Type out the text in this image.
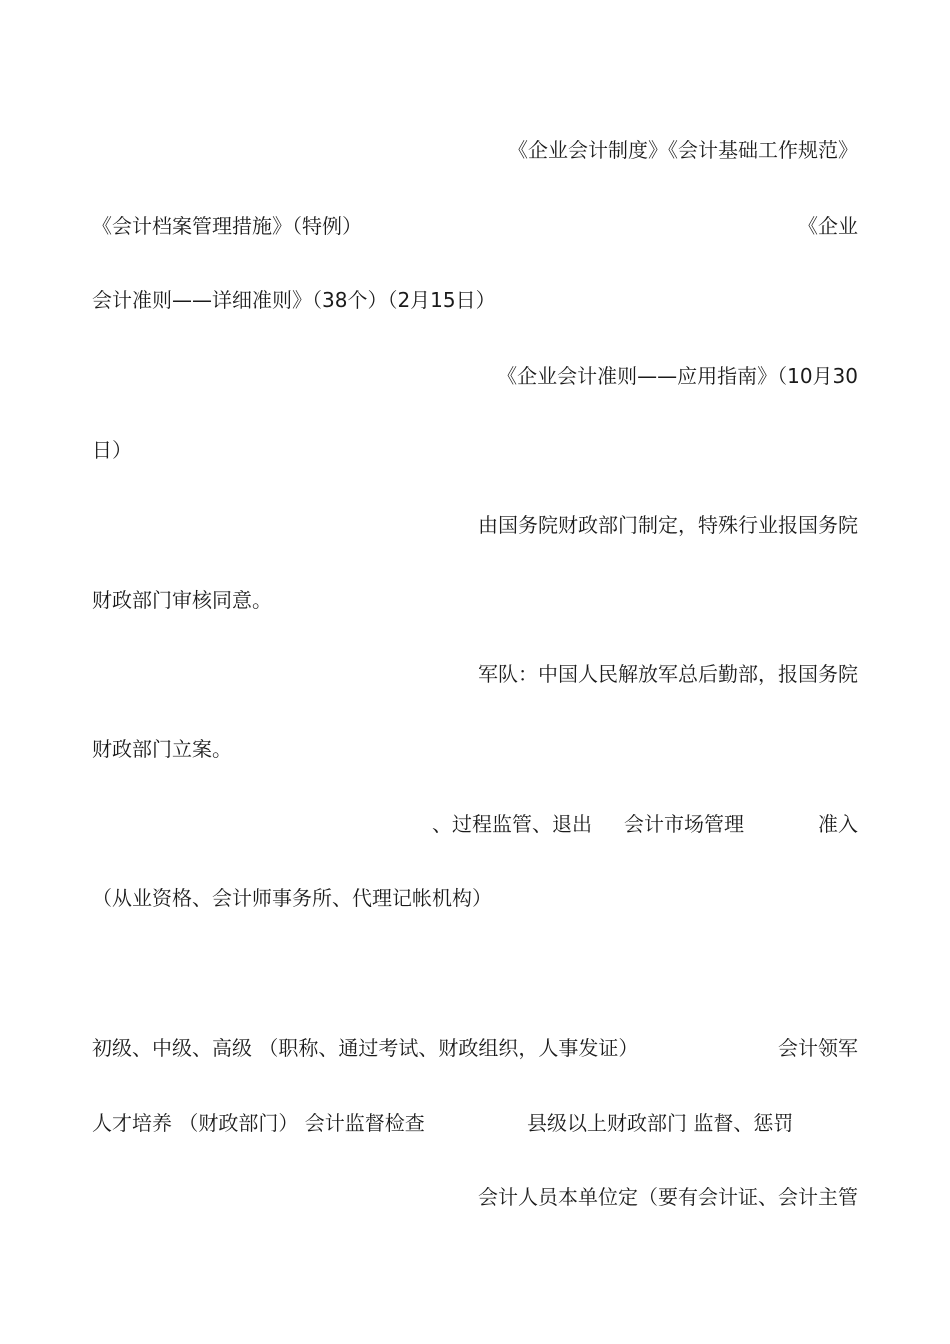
《企业会计制度》《会计基础工作规范》
《会计档案管理措施》（特例）	《企业
会计准则——详细准则》（38个）（2月15日）
《企业会计准则——应用指南》（10月30
日）
由国务院财政部门制定，特殊行业报国务院
财政部门审核同意。
军队：中国人民解放军总后勤部，报国务院
财政部门立案。
、过程监管、退出 会计市场管理	准入
（从业资格、会计师事务所、代理记帐机构）
初级、中级、高级 （职称、通过考试、财政组织，人事发证）	会计领军
人才培养 （财政部门） 会计监督检查	县级以上财政部门 监督、惩罚
会计人员本单位定（要有会计证、会计主管
